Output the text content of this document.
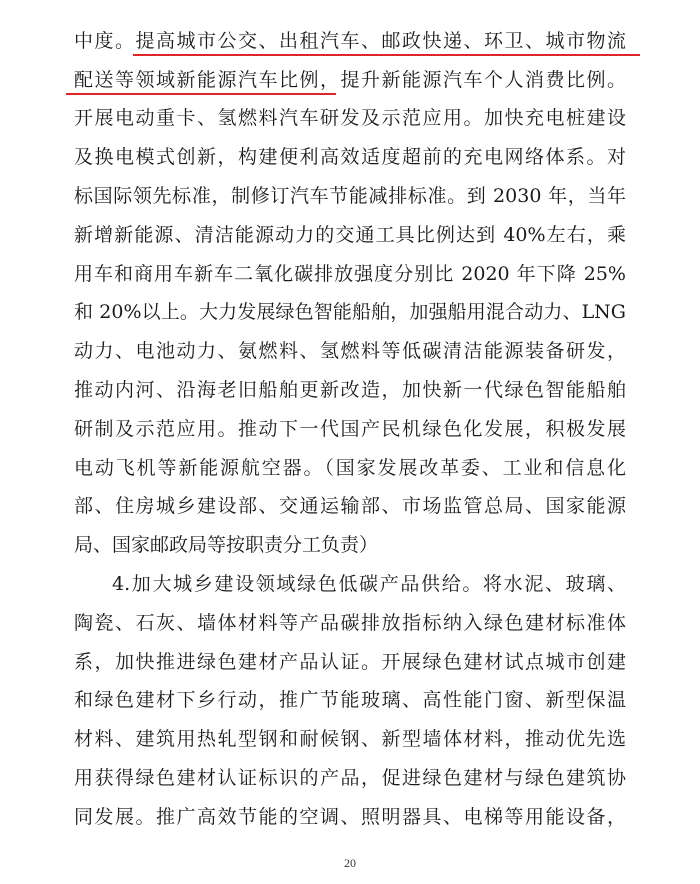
中度。提高城市公交、出租汽车、邮政快递、环卫、城市物流
配送等领域新能源汽车比例，提升新能源汽车个人消费比例。
开展电动重卡、氢燃料汽车研发及示范应用。加快充电桩建设
及换电模式创新，构建便利高效适度超前的充电网络体系。对
标国际领先标准，制修订汽车节能减排标准。到 2030 年，当年
新增新能源、清洁能源动力的交通工具比例达到 40%左右，乘
用车和商用车新车二氧化碳排放强度分别比 2020 年下降 25%
和 20%以上。大力发展绿色智能船舶，加强船用混合动力、LNG
动力、电池动力、氨燃料、氢燃料等低碳清洁能源装备研发，
推动内河、沿海老旧船舶更新改造，加快新一代绿色智能船舶
研制及示范应用。推动下一代国产民机绿色化发展，积极发展
电动飞机等新能源航空器。（国家发展改革委、工业和信息化
部、住房城乡建设部、交通运输部、市场监管总局、国家能源
局、国家邮政局等按职责分工负责）
4.加大城乡建设领域绿色低碳产品供给。将水泥、玻璃、
陶瓷、石灰、墙体材料等产品碳排放指标纳入绿色建材标准体
系，加快推进绿色建材产品认证。开展绿色建材试点城市创建
和绿色建材下乡行动，推广节能玻璃、高性能门窗、新型保温
材料、建筑用热轧型钢和耐候钢、新型墙体材料，推动优先选
用获得绿色建材认证标识的产品，促进绿色建材与绿色建筑协
同发展。推广高效节能的空调、照明器具、电梯等用能设备，
20
